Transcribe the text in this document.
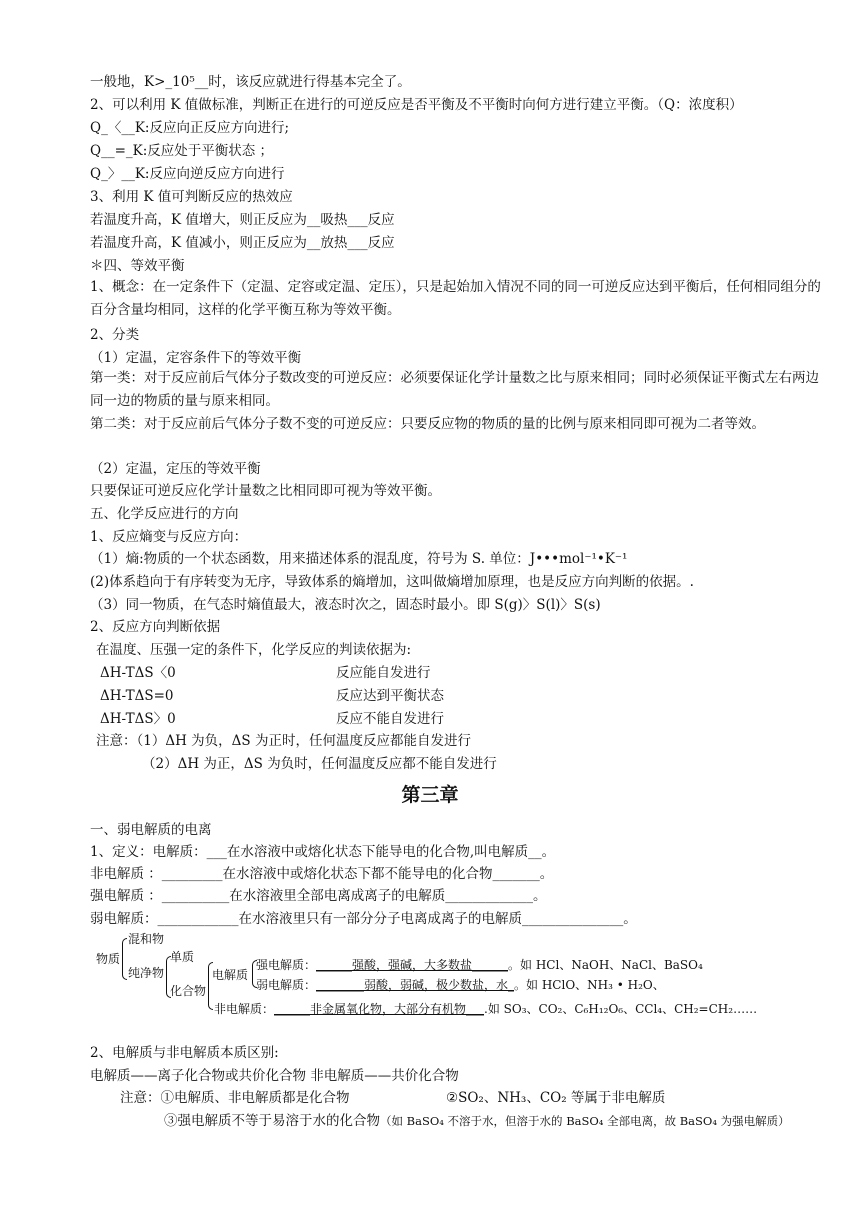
一般地，K>_10⁵__时，该反应就进行得基本完全了。
2、可以利用 K 值做标准，判断正在进行的可逆反应是否平衡及不平衡时向何方进行建立平衡。（Q：浓度积）
Q_〈__K:反应向正反应方向进行;
Q__=_K:反应处于平衡状态 ；
Q_〉__K:反应向逆反应方向进行
3、利用 K 值可判断反应的热效应
若温度升高，K 值增大，则正反应为__吸热___反应
若温度升高，K 值减小，则正反应为__放热___反应
＊四、等效平衡
1、概念：在一定条件下（定温、定容或定温、定压），只是起始加入情况不同的同一可逆反应达到平衡后，任何相同组分的百分含量均相同，这样的化学平衡互称为等效平衡。
2、分类
（1）定温，定容条件下的等效平衡
第一类：对于反应前后气体分子数改变的可逆反应：必须要保证化学计量数之比与原来相同；同时必须保证平衡式左右两边同一边的物质的量与原来相同。
第二类：对于反应前后气体分子数不变的可逆反应：只要反应物的物质的量的比例与原来相同即可视为二者等效。
（2）定温，定压的等效平衡
只要保证可逆反应化学计量数之比相同即可视为等效平衡。
五、化学反应进行的方向
1、反应熵变与反应方向：
（1）熵:物质的一个状态函数，用来描述体系的混乱度，符号为 S. 单位：J•••mol⁻¹•K⁻¹
(2)体系趋向于有序转变为无序，导致体系的熵增加，这叫做熵增加原理，也是反应方向判断的依据。.
（3）同一物质，在气态时熵值最大，液态时次之，固态时最小。即 S(g)〉S(l)〉S(s)
2、反应方向判断依据
在温度、压强一定的条件下，化学反应的判读依据为:
ΔH-TΔS〈0	反应能自发进行
ΔH-TΔS=0	反应达到平衡状态
ΔH-TΔS〉0	反应不能自发进行
注意：（1）ΔH 为负，ΔS 为正时，任何温度反应都能自发进行
（2）ΔH 为正，ΔS 为负时，任何温度反应都不能自发进行
第三章
一、弱电解质的电离
1、定义：电解质：___在水溶液中或熔化状态下能导电的化合物,叫电解质__。
非电解质 ：_________在水溶液中或熔化状态下都不能导电的化合物_______。
强电解质 ：__________在水溶液里全部电离成离子的电解质_____________。
弱电解质：____________在水溶液里只有一部分分子电离成离子的电解质_______________。
物质
混和物
纯净物
单质
化合物
电解质
强电解质：______强酸，强碱，大多数盐______。如 HCl、NaOH、NaCl、BaSO₄
弱电解质：________弱酸，弱碱，极少数盐，水_。如 HClO、NH₃ • H₂O、
非电解质：______非金属氧化物，大部分有机物___.如 SO₃、CO₂、C₆H₁₂O₆、CCl₄、CH₂=CH₂……
2、电解质与非电解质本质区别:
电解质——离子化合物或共价化合物 非电解质——共价化合物
注意：①电解质、非电解质都是化合物	②SO₂、NH₃、CO₂ 等属于非电解质
③强电解质不等于易溶于水的化合物（如 BaSO₄ 不溶于水，但溶于水的 BaSO₄ 全部电离，故 BaSO₄ 为强电解质）
